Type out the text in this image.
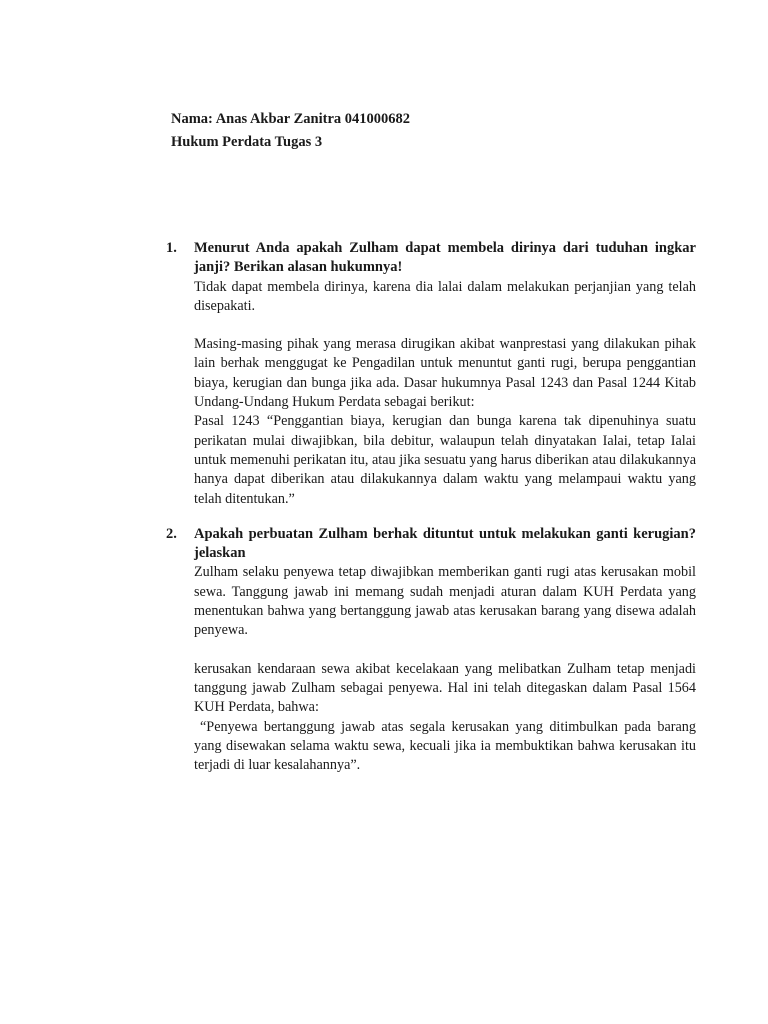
Nama: Anas Akbar Zanitra 041000682
Hukum Perdata Tugas 3
1. Menurut Anda apakah Zulham dapat membela dirinya dari tuduhan ingkar janji? Berikan alasan hukumnya!

Tidak dapat membela dirinya, karena dia lalai dalam melakukan perjanjian yang telah disepakati.

Masing-masing pihak yang merasa dirugikan akibat wanprestasi yang dilakukan pihak lain berhak menggugat ke Pengadilan untuk menuntut ganti rugi, berupa penggantian biaya, kerugian dan bunga jika ada. Dasar hukumnya Pasal 1243 dan Pasal 1244 Kitab Undang-Undang Hukum Perdata sebagai berikut:

Pasal 1243 “Penggantian biaya, kerugian dan bunga karena tak dipenuhinya suatu perikatan mulai diwajibkan, bila debitur, walaupun telah dinyatakan Ialai, tetap Ialai untuk memenuhi perikatan itu, atau jika sesuatu yang harus diberikan atau dilakukannya hanya dapat diberikan atau dilakukannya dalam waktu yang melampaui waktu yang telah ditentukan.”

2. Apakah perbuatan Zulham berhak dituntut untuk melakukan ganti kerugian?jelaskan

Zulham selaku penyewa tetap diwajibkan memberikan ganti rugi atas kerusakan mobil sewa. Tanggung jawab ini memang sudah menjadi aturan dalam KUH Perdata yang menentukan bahwa yang bertanggung jawab atas kerusakan barang yang disewa adalah penyewa.

kerusakan kendaraan sewa akibat kecelakaan yang melibatkan Zulham tetap menjadi tanggung jawab Zulham sebagai penyewa. Hal ini telah ditegaskan dalam Pasal 1564 KUH Perdata, bahwa:

“Penyewa bertanggung jawab atas segala kerusakan yang ditimbulkan pada barang yang disewakan selama waktu sewa, kecuali jika ia membuktikan bahwa kerusakan itu terjadi di luar kesalahannya”.
